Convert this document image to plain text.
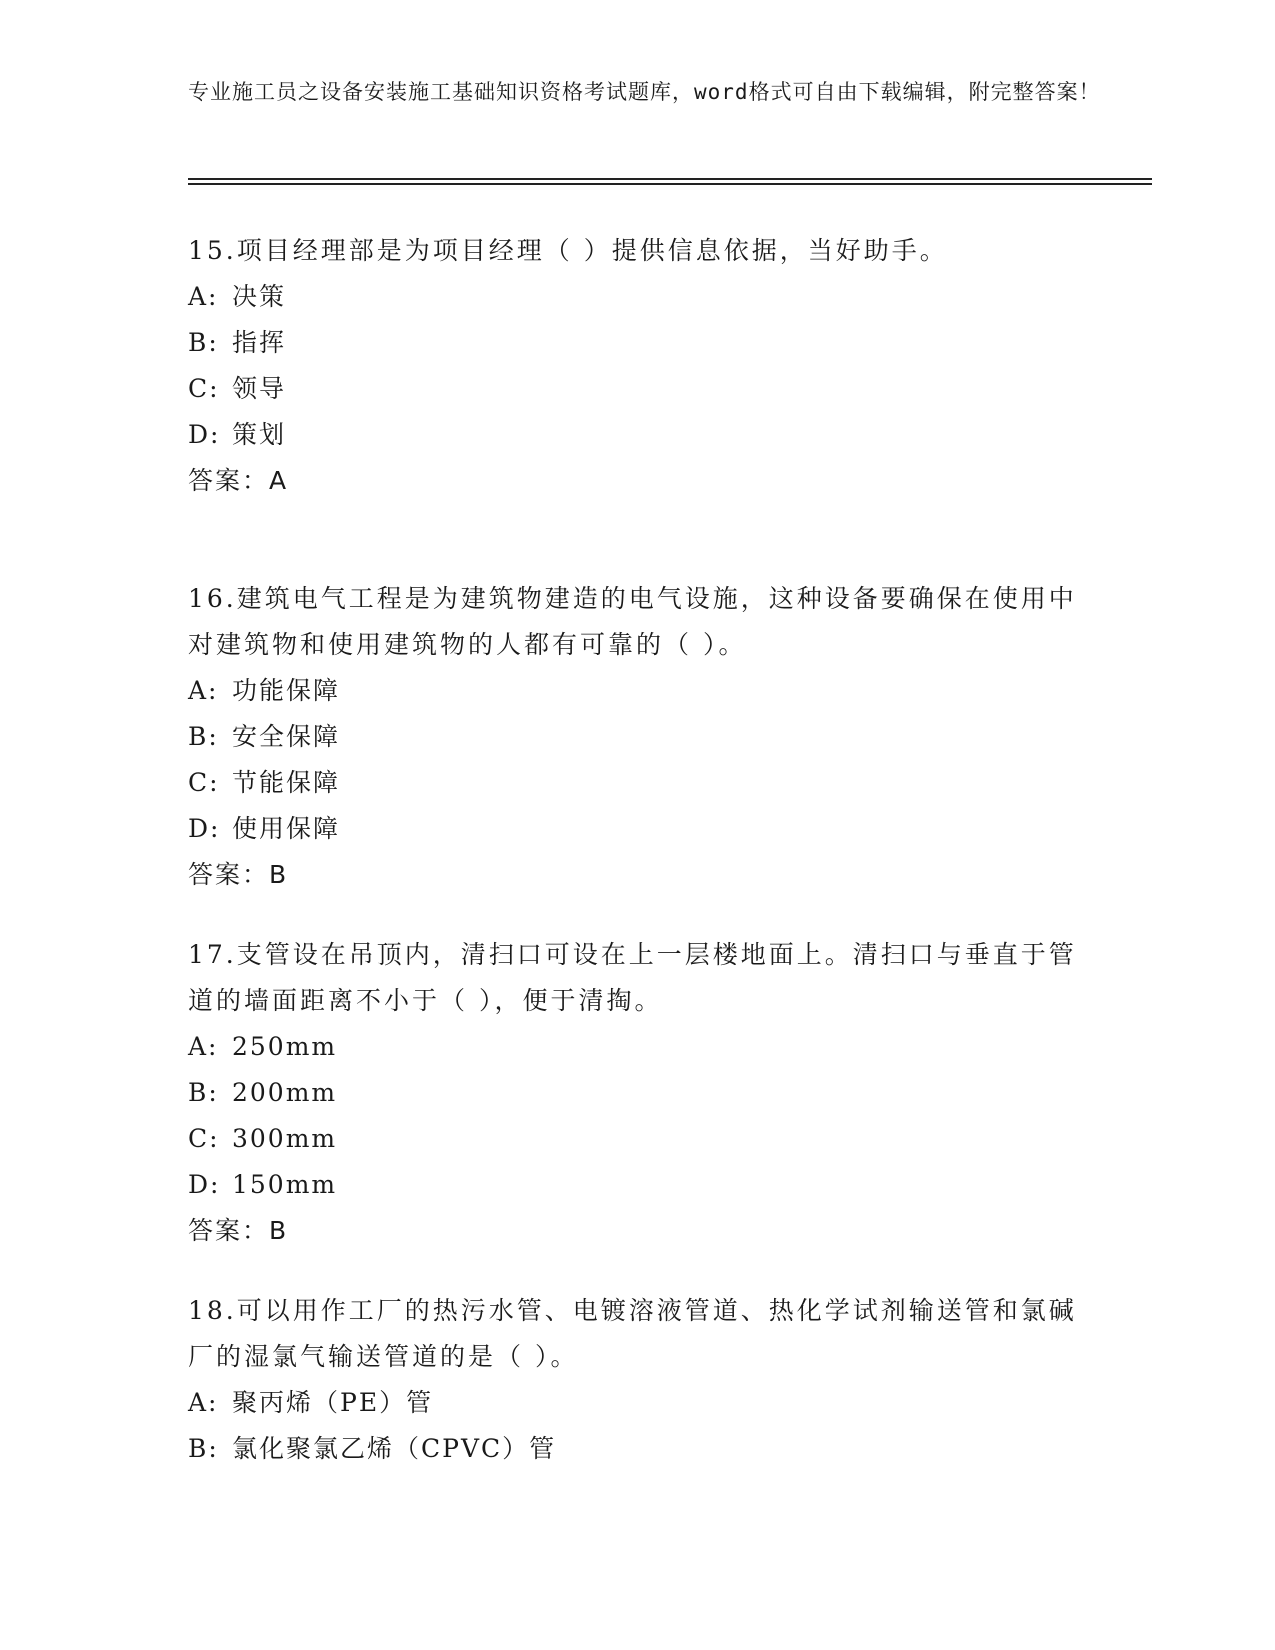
专业施工员之设备安装施工基础知识资格考试题库，word格式可自由下载编辑，附完整答案！

15.项目经理部是为项目经理（ ）提供信息依据，当好助手。

A: 决策

B: 指挥

C: 领导

D: 策划

答案：A

16.建筑电气工程是为建筑物建造的电气设施，这种设备要确保在使用中对建筑物和使用建筑物的人都有可靠的（ ）。

A: 功能保障

B: 安全保障

C: 节能保障

D: 使用保障

答案：B

17.支管设在吊顶内，清扫口可设在上一层楼地面上。清扫口与垂直于管道的墙面距离不小于（ ），便于清掏。

A: 250mm

B: 200mm

C: 300mm

D: 150mm

答案：B

18.可以用作工厂的热污水管、电镀溶液管道、热化学试剂输送管和氯碱厂的湿氯气输送管道的是（ ）。

A: 聚丙烯（PE）管

B: 氯化聚氯乙烯（CPVC）管
